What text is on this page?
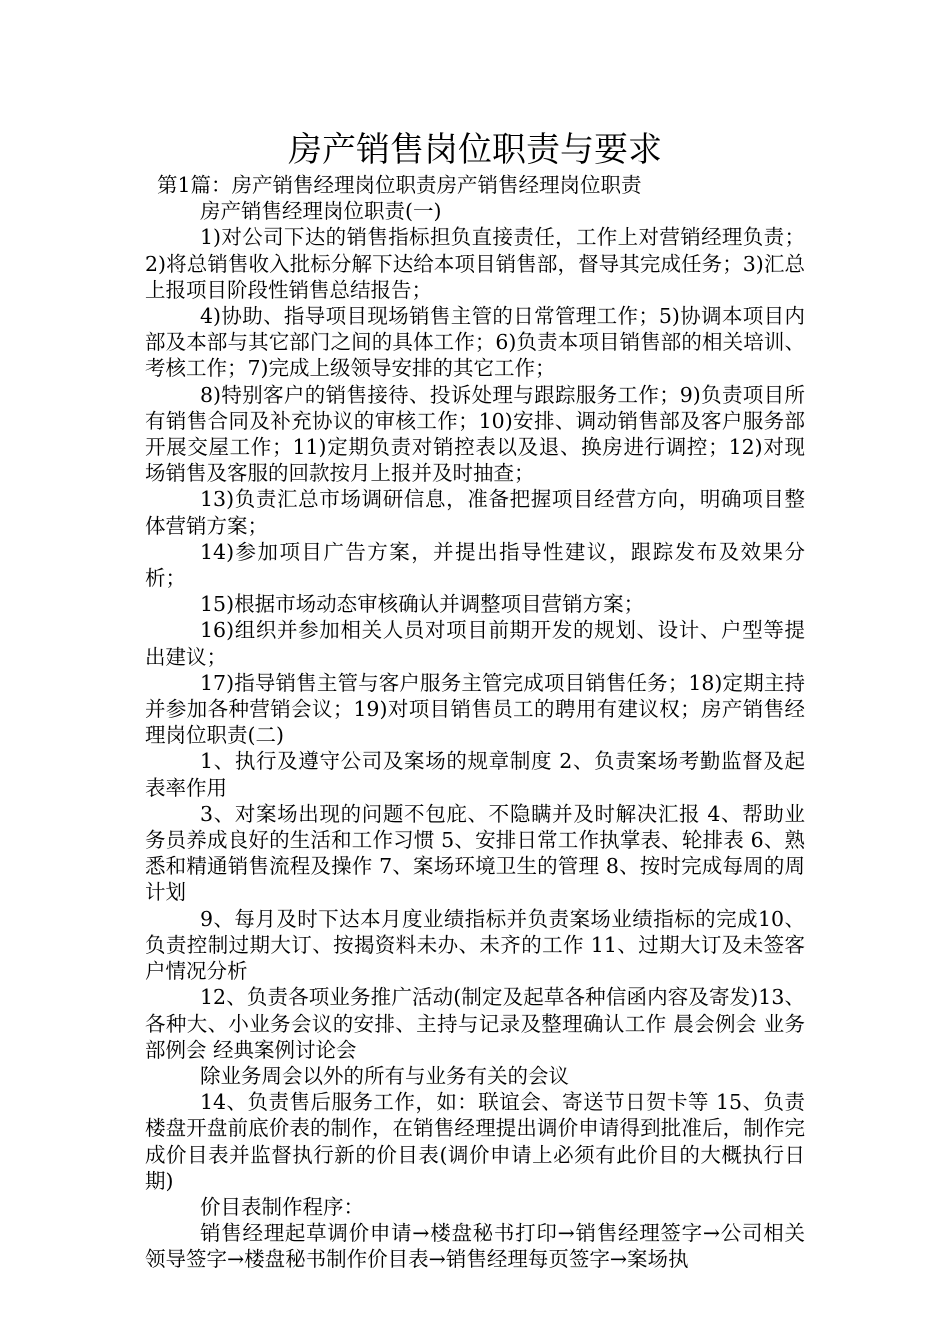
房产销售岗位职责与要求

第1篇：房产销售经理岗位职责房产销售经理岗位职责

房产销售经理岗位职责(一)

1)对公司下达的销售指标担负直接责任，工作上对营销经理负责；2)将总销售收入批标分解下达给本项目销售部，督导其完成任务；3)汇总上报项目阶段性销售总结报告；

4)协助、指导项目现场销售主管的日常管理工作；5)协调本项目内部及本部与其它部门之间的具体工作；6)负责本项目销售部的相关培训、考核工作；7)完成上级领导安排的其它工作；

8)特别客户的销售接待、投诉处理与跟踪服务工作；9)负责项目所有销售合同及补充协议的审核工作；10)安排、调动销售部及客户服务部开展交屋工作；11)定期负责对销控表以及退、换房进行调控；12)对现场销售及客服的回款按月上报并及时抽查；

13)负责汇总市场调研信息，准备把握项目经营方向，明确项目整体营销方案；

14)参加项目广告方案，并提出指导性建议，跟踪发布及效果分析；

15)根据市场动态审核确认并调整项目营销方案；

16)组织并参加相关人员对项目前期开发的规划、设计、户型等提出建议；

17)指导销售主管与客户服务主管完成项目销售任务；18)定期主持并参加各种营销会议；19)对项目销售员工的聘用有建议权；房产销售经理岗位职责(二)

1、执行及遵守公司及案场的规章制度 2、负责案场考勤监督及起表率作用

3、对案场出现的问题不包庇、不隐瞒并及时解决汇报 4、帮助业务员养成良好的生活和工作习惯 5、安排日常工作执掌表、轮排表 6、熟悉和精通销售流程及操作 7、案场环境卫生的管理 8、按时完成每周的周计划

9、每月及时下达本月度业绩指标并负责案场业绩指标的完成10、负责控制过期大订、按揭资料未办、未齐的工作 11、过期大订及未签客户情况分析

12、负责各项业务推广活动(制定及起草各种信函内容及寄发)13、各种大、小业务会议的安排、主持与记录及整理确认工作 晨会例会 业务部例会 经典案例讨论会

除业务周会以外的所有与业务有关的会议

14、负责售后服务工作，如：联谊会、寄送节日贺卡等 15、负责楼盘开盘前底价表的制作，在销售经理提出调价申请得到批准后，制作完成价目表并监督执行新的价目表(调价申请上必须有此价目的大概执行日期)

价目表制作程序：

销售经理起草调价申请→楼盘秘书打印→销售经理签字→公司相关领导签字→楼盘秘书制作价目表→销售经理每页签字→案场执
